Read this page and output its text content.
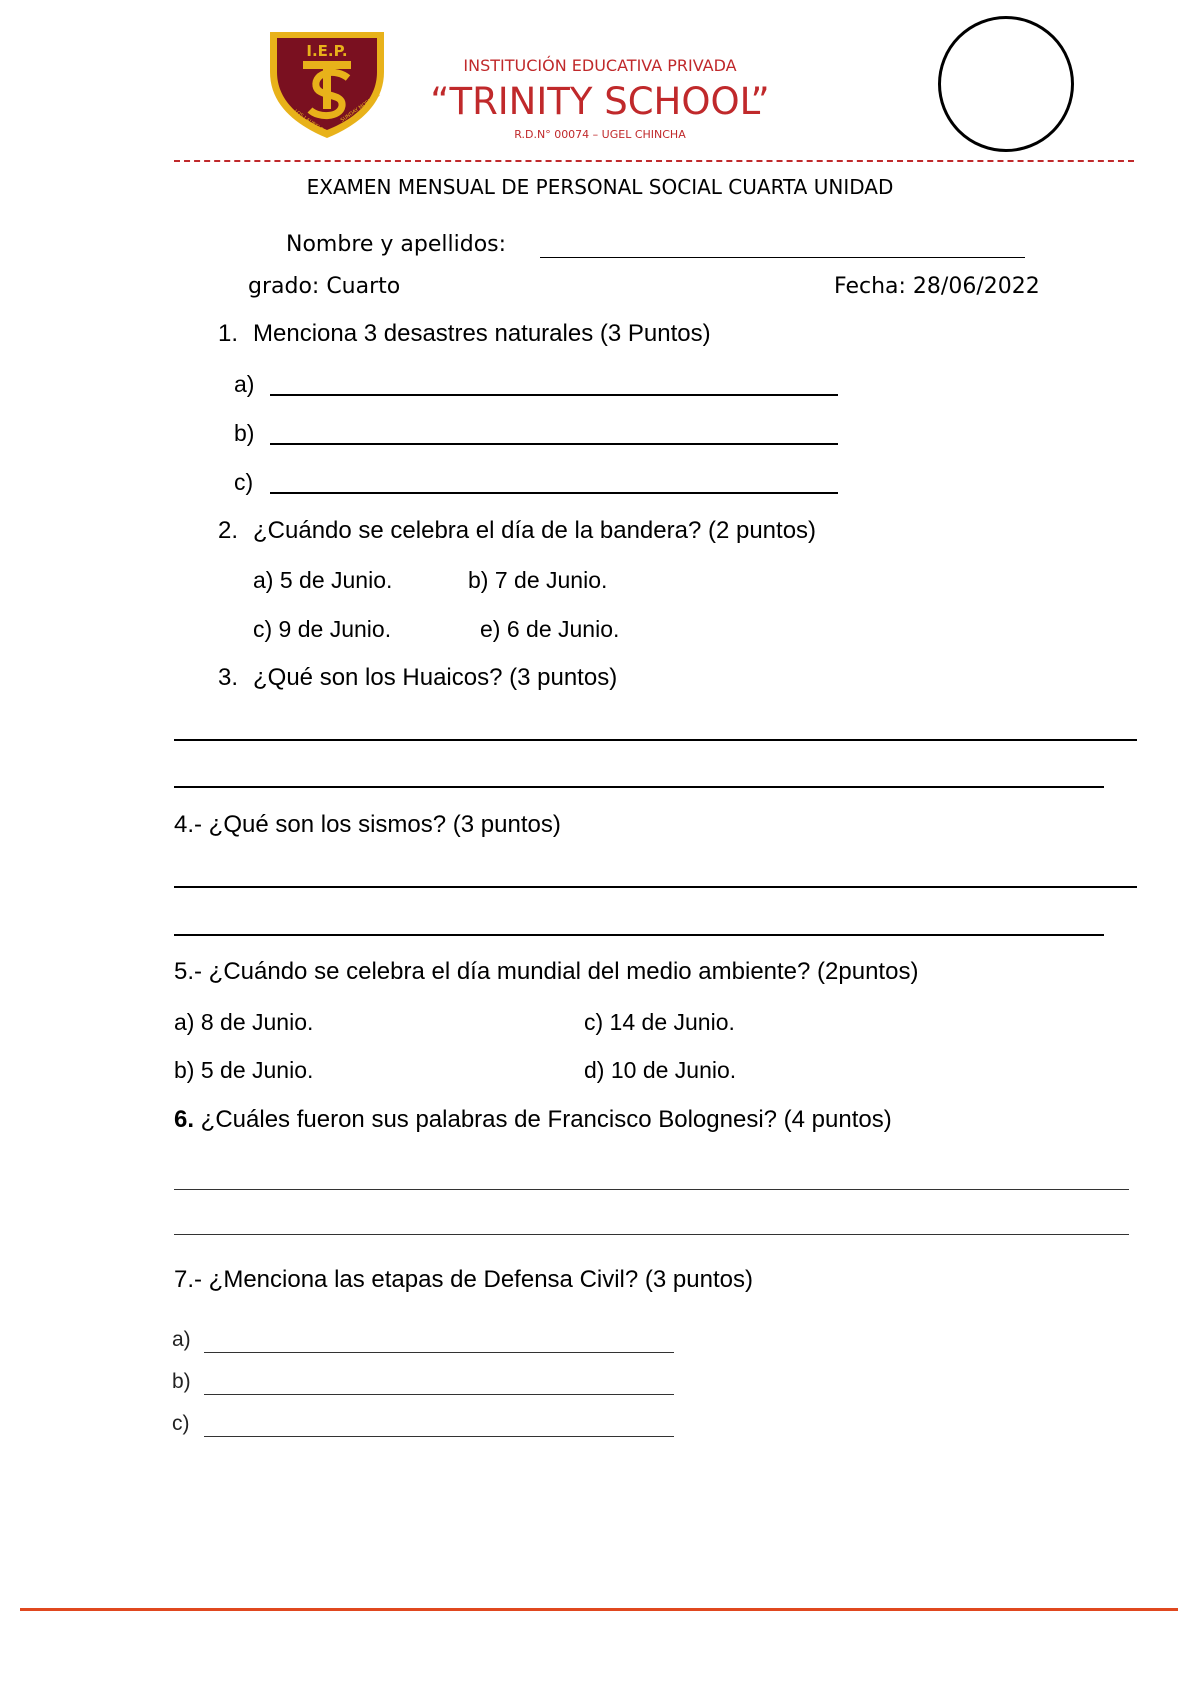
I.E.P.
LOS LAURELES	SUNDAY MORNING
INSTITUCIÓN EDUCATIVA PRIVADA
“TRINITY SCHOOL”
R.D.N° 00074 – UGEL CHINCHA
EXAMEN MENSUAL DE PERSONAL SOCIAL CUARTA UNIDAD
Nombre y apellidos:
grado: Cuarto	Fecha: 28/06/2022
1. Menciona 3 desastres naturales (3 Puntos)
a)
b)
c)
2. ¿Cuándo se celebra el día de la bandera? (2 puntos)
a) 5 de Junio.	b) 7 de Junio.
c) 9 de Junio.	e) 6 de Junio.
3. ¿Qué son los Huaicos? (3 puntos)
4.- ¿Qué son los sismos? (3 puntos)
5.- ¿Cuándo se celebra el día mundial del medio ambiente? (2puntos)
a) 8 de Junio.	c) 14 de Junio.
b) 5 de Junio.	d) 10 de Junio.
6. ¿Cuáles fueron sus palabras de Francisco Bolognesi? (4 puntos)
7.- ¿Menciona las etapas de Defensa Civil? (3 puntos)
a)
b)
c)
